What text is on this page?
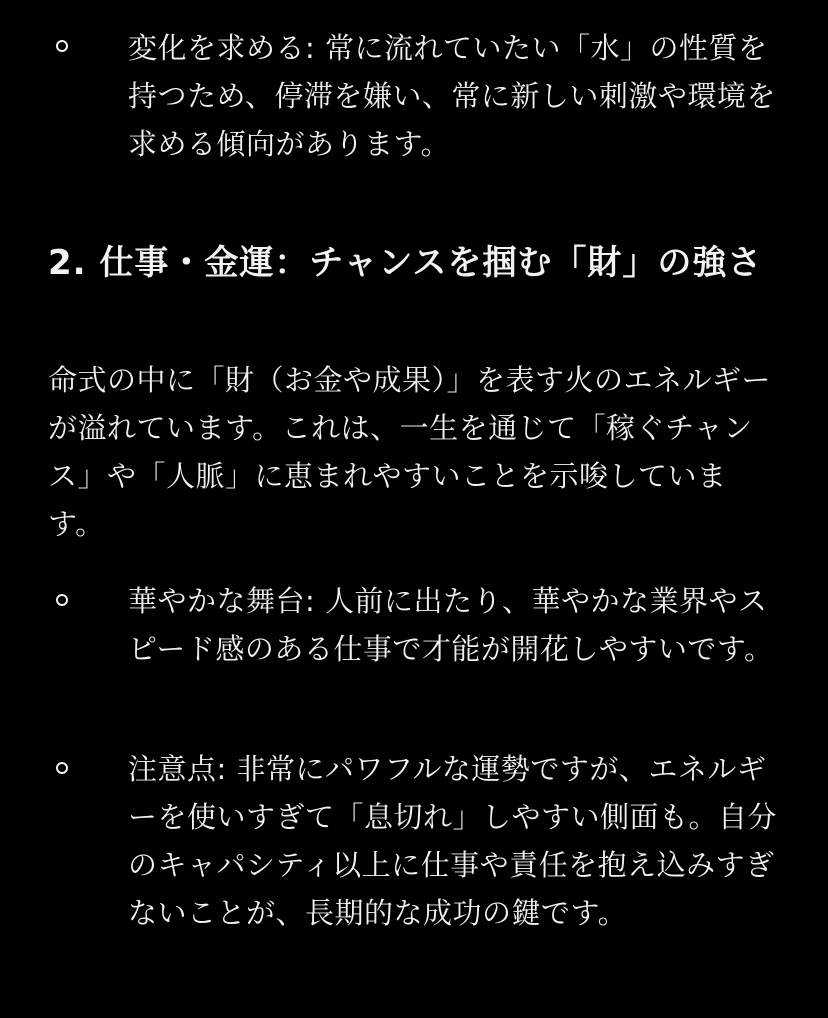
変化を求める: 常に流れていたい「水」の性質を持つため、停滞を嫌い、常に新しい刺激や環境を求める傾向があります。
2. 仕事・金運：チャンスを掴む「財」の強さ
命式の中に「財（お金や成果）」を表す火のエネルギーが溢れています。これは、一生を通じて「稼ぐチャンス」や「人脈」に恵まれやすいことを示唆しています。
華やかな舞台: 人前に出たり、華やかな業界やスピード感のある仕事で才能が開花しやすいです。
注意点: 非常にパワフルな運勢ですが、エネルギーを使いすぎて「息切れ」しやすい側面も。自分のキャパシティ以上に仕事や責任を抱え込みすぎないことが、長期的な成功の鍵です。
